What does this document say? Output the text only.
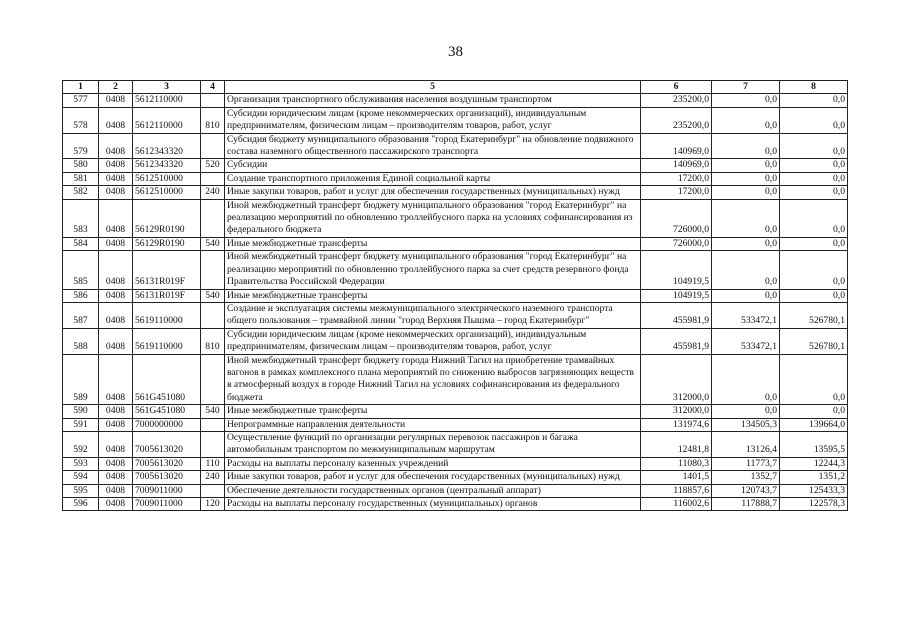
38
1	2	3	4	5	6	7	8
577	0408	5612110000		Организация транспортного обслуживания населения воздушным транспортом	235200,0	0,0	0,0
578	0408	5612110000	810	Субсидии юридическим лицам (кроме некоммерческих организаций), индивидуальным предпринимателям, физическим лицам – производителям товаров, работ, услуг	235200,0	0,0	0,0
579	0408	5612343320		Субсидия бюджету муниципального образования "город Екатеринбург" на обновление подвижного состава наземного общественного пассажирского транспорта	140969,0	0,0	0,0
580	0408	5612343320	520	Субсидии	140969,0	0,0	0,0
581	0408	5612510000		Создание транспортного приложения Единой социальной карты	17200,0	0,0	0,0
582	0408	5612510000	240	Иные закупки товаров, работ и услуг для обеспечения государственных (муниципальных) нужд	17200,0	0,0	0,0
583	0408	56129R0190		Иной межбюджетный трансферт бюджету муниципального образования "город Екатеринбург" на реализацию мероприятий по обновлению троллейбусного парка на условиях софинансирования из федерального бюджета	726000,0	0,0	0,0
584	0408	56129R0190	540	Иные межбюджетные трансферты	726000,0	0,0	0,0
585	0408	56131R019F		Иной межбюджетный трансферт бюджету муниципального образования "город Екатеринбург" на реализацию мероприятий по обновлению троллейбусного парка за счет средств резервного фонда Правительства Российской Федерации	104919,5	0,0	0,0
586	0408	56131R019F	540	Иные межбюджетные трансферты	104919,5	0,0	0,0
587	0408	5619110000		Создание и эксплуатация системы межмуниципального электрического наземного транспорта общего пользования – трамвайной линии "город Верхняя Пышма – город Екатеринбург"	455981,9	533472,1	526780,1
588	0408	5619110000	810	Субсидии юридическим лицам (кроме некоммерческих организаций), индивидуальным предпринимателям, физическим лицам – производителям товаров, работ, услуг	455981,9	533472,1	526780,1
589	0408	561G451080		Иной межбюджетный трансферт бюджету города Нижний Тагил на приобретение трамвайных вагонов в рамках комплексного плана мероприятий по снижению выбросов загрязняющих веществ в атмосферный воздух в городе Нижний Тагил на условиях софинансирования из федерального бюджета	312000,0	0,0	0,0
590	0408	561G451080	540	Иные межбюджетные трансферты	312000,0	0,0	0,0
591	0408	7000000000		Непрограммные направления деятельности	131974,6	134505,3	139664,0
592	0408	7005613020		Осуществление функций по организации регулярных перевозок пассажиров и багажа автомобильным транспортом по межмуниципальным маршрутам	12481,8	13126,4	13595,5
593	0408	7005613020	110	Расходы на выплаты персоналу казенных учреждений	11080,3	11773,7	12244,3
594	0408	7005613020	240	Иные закупки товаров, работ и услуг для обеспечения государственных (муниципальных) нужд	1401,5	1352,7	1351,2
595	0408	7009011000		Обеспечение деятельности государственных органов (центральный аппарат)	118857,6	120743,7	125433,3
596	0408	7009011000	120	Расходы на выплаты персоналу государственных (муниципальных) органов	116002,6	117888,7	122578,3
